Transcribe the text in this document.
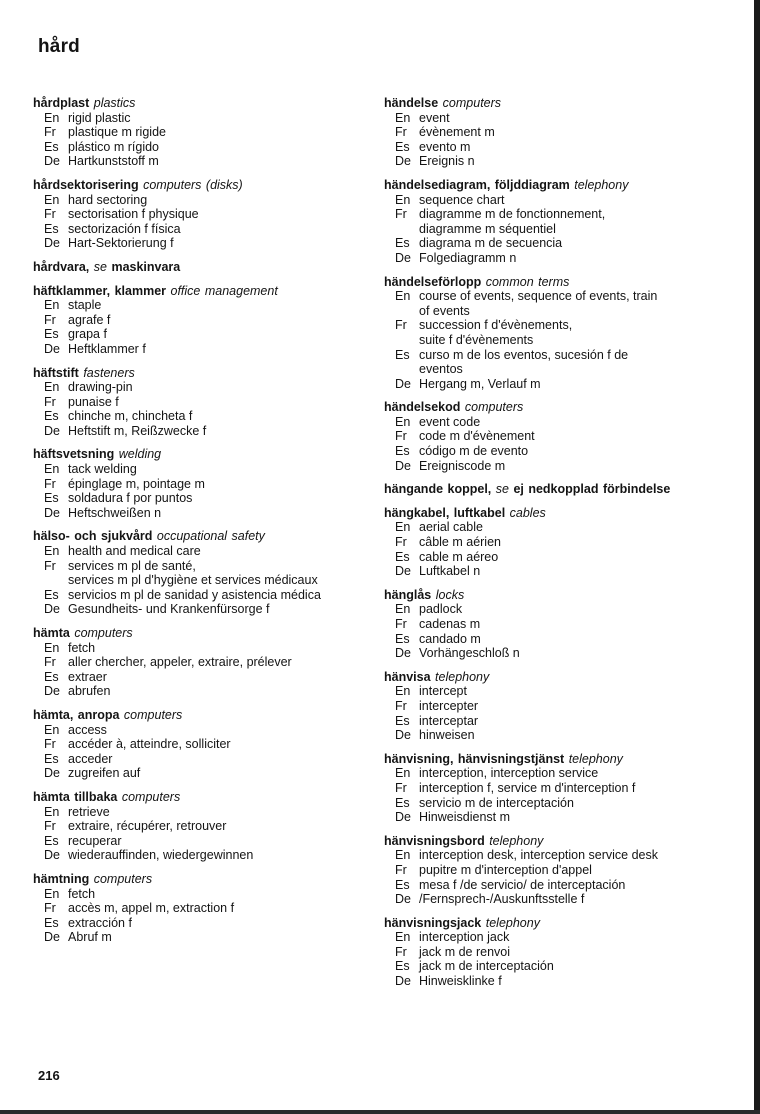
hård
hårdplast plastics
En rigid plastic
Fr plastique m rigide
Es plástico m rígido
De Hartkunststoff m
hårdsektorisering computers (disks)
En hard sectoring
Fr sectorisation f physique
Es sectorización f física
De Hart-Sektorierung f
hårdvara, se maskinvara
häftklammer, klammer office management
En staple
Fr agrafe f
Es grapa f
De Heftklammer f
häftstift fasteners
En drawing-pin
Fr punaise f
Es chinche m, chincheta f
De Heftstift m, Reißzwecke f
häftsvetsning welding
En tack welding
Fr épinglage m, pointage m
Es soldadura f por puntos
De Heftschweißen n
hälso- och sjukvård occupational safety
En health and medical care
Fr services m pl de santé,
services m pl d'hygiène et services médicaux
Es servicios m pl de sanidad y asistencia médica
De Gesundheits- und Krankenfürsorge f
hämta computers
En fetch
Fr aller chercher, appeler, extraire, prélever
Es extraer
De abrufen
hämta, anropa computers
En access
Fr accéder à, atteindre, solliciter
Es acceder
De zugreifen auf
hämta tillbaka computers
En retrieve
Fr extraire, récupérer, retrouver
Es recuperar
De wiederauffinden, wiedergewinnen
hämtning computers
En fetch
Fr accès m, appel m, extraction f
Es extracción f
De Abruf m
händelse computers
En event
Fr évènement m
Es evento m
De Ereignis n
händelsediagram, följddiagram telephony
En sequence chart
Fr diagramme m de fonctionnement,
diagramme m séquentiel
Es diagrama m de secuencia
De Folgediagramm n
händelseförlopp common terms
En course of events, sequence of events, train
of events
Fr succession f d'évènements,
suite f d'évènements
Es curso m de los eventos, sucesión f de
eventos
De Hergang m, Verlauf m
händelsekod computers
En event code
Fr code m d'évènement
Es código m de evento
De Ereigniscode m
hängande koppel, se ej nedkopplad förbindelse
hängkabel, luftkabel cables
En aerial cable
Fr câble m aérien
Es cable m aéreo
De Luftkabel n
hänglås locks
En padlock
Fr cadenas m
Es candado m
De Vorhängeschloß n
hänvisa telephony
En intercept
Fr intercepter
Es interceptar
De hinweisen
hänvisning, hänvisningstjänst telephony
En interception, interception service
Fr interception f, service m d'interception f
Es servicio m de interceptación
De Hinweisdienst m
hänvisningsbord telephony
En interception desk, interception service desk
Fr pupitre m d'interception d'appel
Es mesa f /de servicio/ de interceptación
De /Fernsprech-/Auskunftsstelle f
hänvisningsjack telephony
En interception jack
Fr jack m de renvoi
Es jack m de interceptación
De Hinweisklinke f
216
